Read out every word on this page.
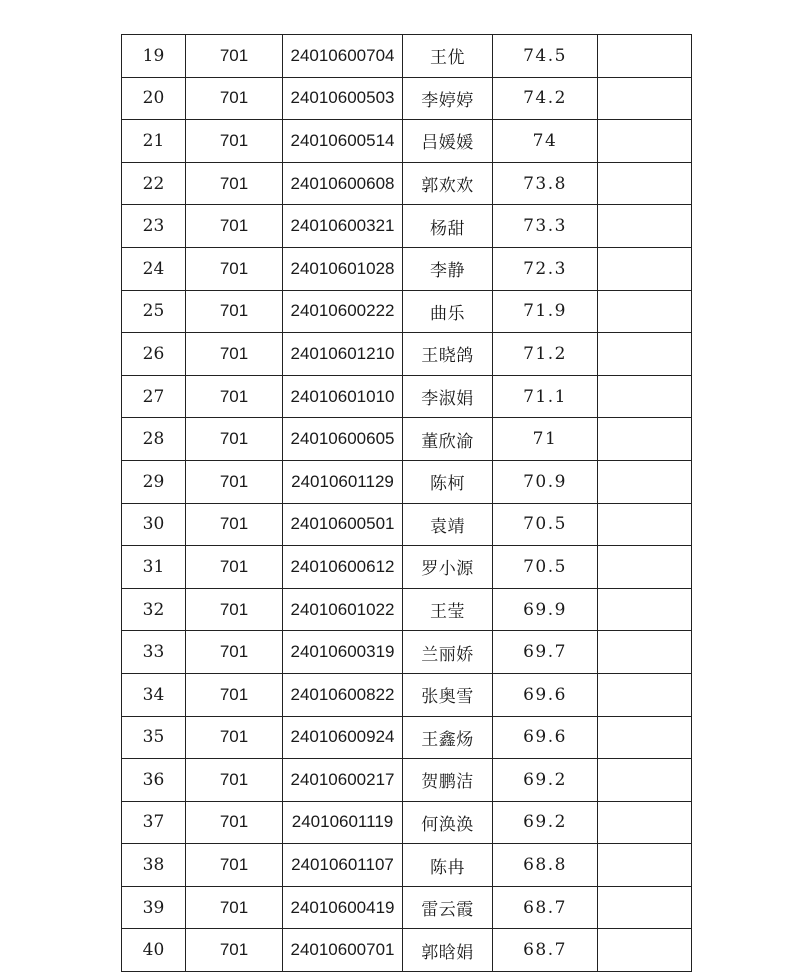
19	701	24010600704	王优	74.5	
20	701	24010600503	李婷婷	74.2	
21	701	24010600514	吕媛媛	74	
22	701	24010600608	郭欢欢	73.8	
23	701	24010600321	杨甜	73.3	
24	701	24010601028	李静	72.3	
25	701	24010600222	曲乐	71.9	
26	701	24010601210	王晓鸽	71.2	
27	701	24010601010	李淑娟	71.1	
28	701	24010600605	董欣渝	71	
29	701	24010601129	陈柯	70.9	
30	701	24010600501	袁靖	70.5	
31	701	24010600612	罗小源	70.5	
32	701	24010601022	王莹	69.9	
33	701	24010600319	兰丽娇	69.7	
34	701	24010600822	张奥雪	69.6	
35	701	24010600924	王鑫炀	69.6	
36	701	24010600217	贺鹏洁	69.2	
37	701	24010601119	何涣涣	69.2	
38	701	24010601107	陈冉	68.8	
39	701	24010600419	雷云霞	68.7	
40	701	24010600701	郭晗娟	68.7	
